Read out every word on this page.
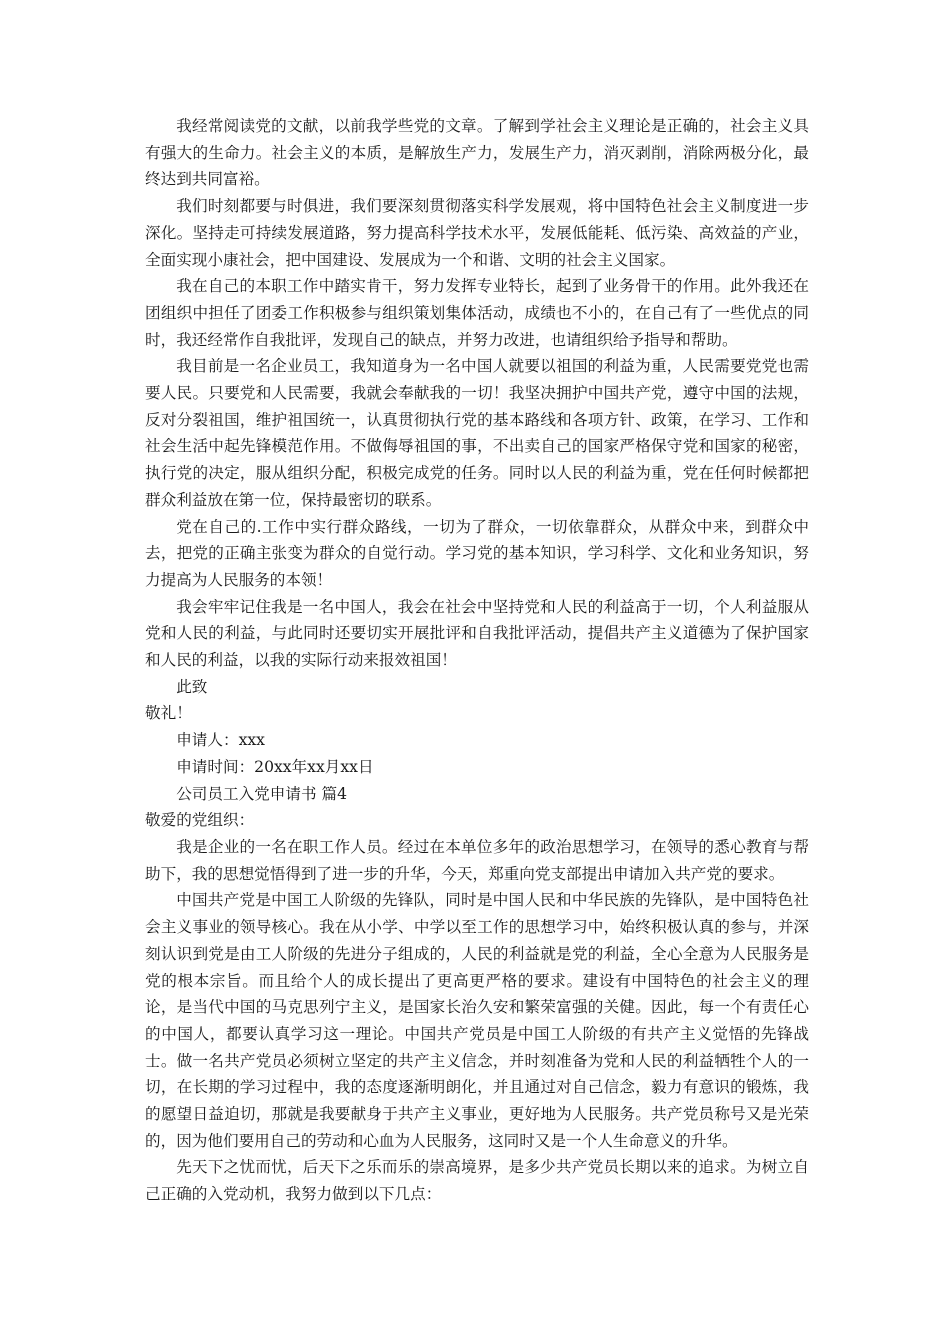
我经常阅读党的文献，以前我学些党的文章。了解到学社会主义理论是正确的，社会主义具有强大的生命力。社会主义的本质，是解放生产力，发展生产力，消灭剥削，消除两极分化，最终达到共同富裕。

我们时刻都要与时俱进，我们要深刻贯彻落实科学发展观，将中国特色社会主义制度进一步深化。坚持走可持续发展道路，努力提高科学技术水平，发展低能耗、低污染、高效益的产业，全面实现小康社会，把中国建设、发展成为一个和谐、文明的社会主义国家。

我在自己的本职工作中踏实肯干，努力发挥专业特长，起到了业务骨干的作用。此外我还在团组织中担任了团委工作积极参与组织策划集体活动，成绩也不小的，在自己有了一些优点的同时，我还经常作自我批评，发现自己的缺点，并努力改进，也请组织给予指导和帮助。

我目前是一名企业员工，我知道身为一名中国人就要以祖国的利益为重，人民需要党党也需要人民。只要党和人民需要，我就会奉献我的一切！我坚决拥护中国共产党，遵守中国的法规，反对分裂祖国，维护祖国统一，认真贯彻执行党的基本路线和各项方针、政策，在学习、工作和社会生活中起先锋模范作用。不做侮辱祖国的事，不出卖自己的国家严格保守党和国家的秘密，执行党的决定，服从组织分配，积极完成党的任务。同时以人民的利益为重，党在任何时候都把群众利益放在第一位，保持最密切的联系。

党在自己的.工作中实行群众路线，一切为了群众，一切依靠群众，从群众中来，到群众中去，把党的正确主张变为群众的自觉行动。学习党的基本知识，学习科学、文化和业务知识，努力提高为人民服务的本领！

我会牢牢记住我是一名中国人，我会在社会中坚持党和人民的利益高于一切，个人利益服从党和人民的利益，与此同时还要切实开展批评和自我批评活动，提倡共产主义道德为了保护国家和人民的利益，以我的实际行动来报效祖国！

此致

敬礼！

申请人：xxx

申请时间：20xx年xx月xx日

公司员工入党申请书 篇4

敬爱的党组织：

我是企业的一名在职工作人员。经过在本单位多年的政治思想学习，在领导的悉心教育与帮助下，我的思想觉悟得到了进一步的升华，今天，郑重向党支部提出申请加入共产党的要求。

中国共产党是中国工人阶级的先锋队，同时是中国人民和中华民族的先锋队，是中国特色社会主义事业的领导核心。我在从小学、中学以至工作的思想学习中，始终积极认真的参与，并深刻认识到党是由工人阶级的先进分子组成的，人民的利益就是党的利益，全心全意为人民服务是党的根本宗旨。而且给个人的成长提出了更高更严格的要求。建设有中国特色的社会主义的理论，是当代中国的马克思列宁主义，是国家长治久安和繁荣富强的关健。因此，每一个有责任心的中国人，都要认真学习这一理论。中国共产党员是中国工人阶级的有共产主义觉悟的先锋战士。做一名共产党员必须树立坚定的共产主义信念，并时刻准备为党和人民的利益牺牲个人的一切，在长期的学习过程中，我的态度逐渐明朗化，并且通过对自己信念，毅力有意识的锻炼，我的愿望日益迫切，那就是我要献身于共产主义事业，更好地为人民服务。共产党员称号又是光荣的，因为他们要用自己的劳动和心血为人民服务，这同时又是一个人生命意义的升华。

先天下之忧而忧，后天下之乐而乐的崇高境界，是多少共产党员长期以来的追求。为树立自己正确的入党动机，我努力做到以下几点：
